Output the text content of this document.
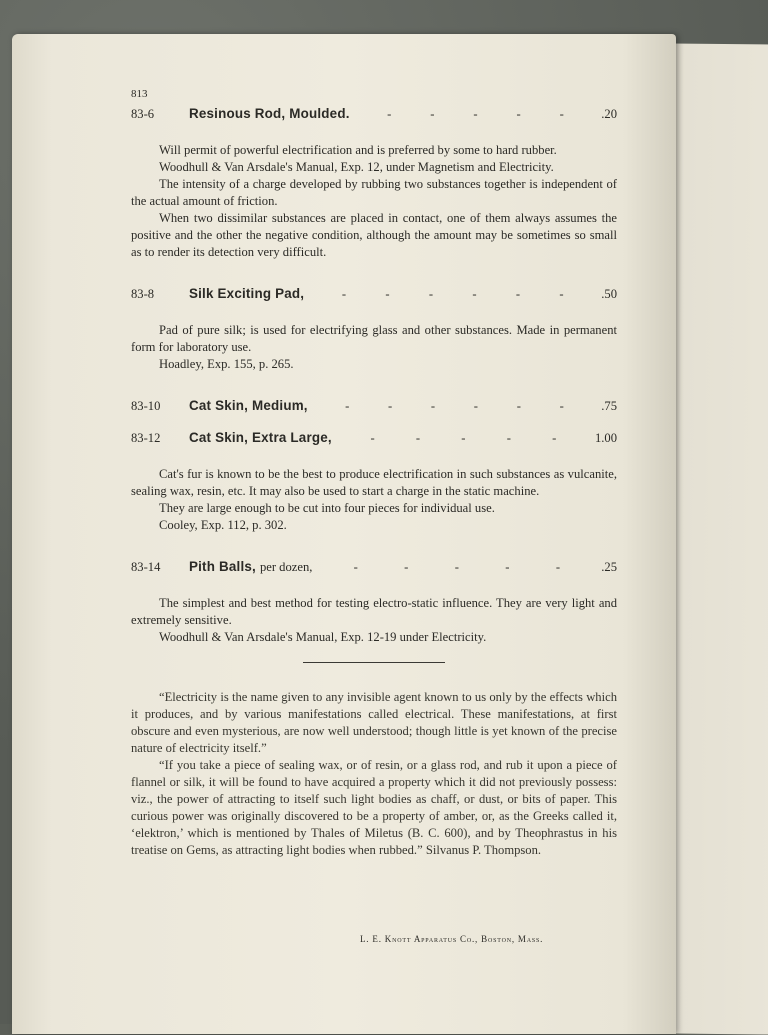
813
83-6	Resinous Rod, Moulded.	-	-	-	-	-	.20

Will permit of powerful electrification and is preferred by some to hard rubber.

Woodhull & Van Arsdale's Manual, Exp. 12, under Magnetism and Electricity.

The intensity of a charge developed by rubbing two substances together is independent of the actual amount of friction.

When two dissimilar substances are placed in contact, one of them always assumes the positive and the other the negative condition, although the amount may be sometimes so small as to render its detection very difficult.

83-8	Silk Exciting Pad,	-	-	-	-	-	-	.50

Pad of pure silk; is used for electrifying glass and other substances. Made in permanent form for laboratory use.

Hoadley, Exp. 155, p. 265.

83-10	Cat Skin, Medium,	-	-	-	-	-	-	.75
83-12	Cat Skin, Extra Large,	-	-	-	-	-	1.00

Cat's fur is known to be the best to produce electrification in such substances as vulcanite, sealing wax, resin, etc. It may also be used to start a charge in the static machine.

They are large enough to be cut into four pieces for individual use.

Cooley, Exp. 112, p. 302.

83-14	Pith Balls, per dozen,	-	-	-	-	-	.25

The simplest and best method for testing electro-static influence. They are very light and extremely sensitive.

Woodhull & Van Arsdale's Manual, Exp. 12-19 under Electricity.

“Electricity is the name given to any invisible agent known to us only by the effects which it produces, and by various manifestations called electrical. These manifestations, at first obscure and even mysterious, are now well understood; though little is yet known of the precise nature of electricity itself.”

“If you take a piece of sealing wax, or of resin, or a glass rod, and rub it upon a piece of flannel or silk, it will be found to have acquired a property which it did not previously possess: viz., the power of attracting to itself such light bodies as chaff, or dust, or bits of paper. This curious power was originally discovered to be a property of amber, or, as the Greeks called it, ‘elektron,’ which is mentioned by Thales of Miletus (B. C. 600), and by Theophrastus in his treatise on Gems, as attracting light bodies when rubbed.” Silvanus P. Thompson.

L. E. Knott Apparatus Co., Boston, Mass.
